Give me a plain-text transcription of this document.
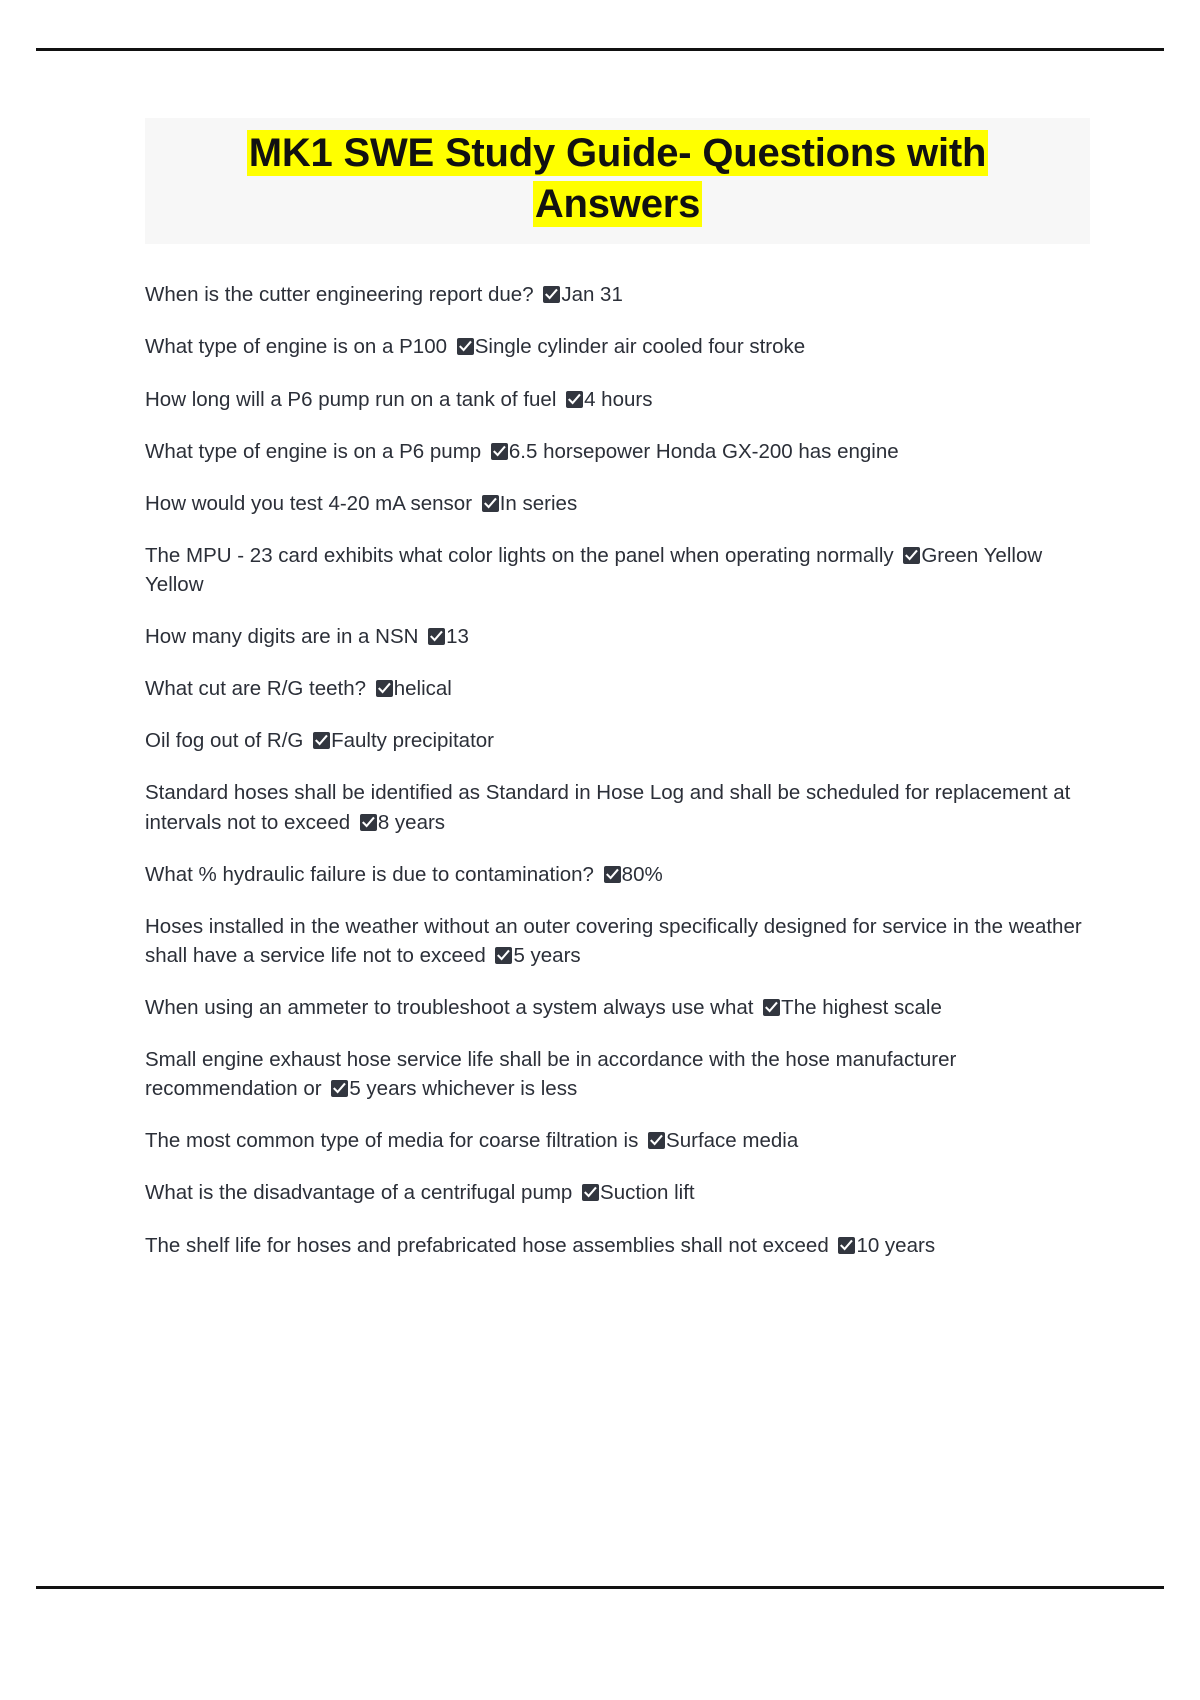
MK1 SWE Study Guide- Questions with
Answers
When is the cutter engineering report due? Jan 31
What type of engine is on a P100 Single cylinder air cooled four stroke
How long will a P6 pump run on a tank of fuel 4 hours
What type of engine is on a P6 pump 6.5 horsepower Honda GX-200 has engine
How would you test 4-20 mA sensor In series
The MPU - 23 card exhibits what color lights on the panel when operating normally Green Yellow Yellow
How many digits are in a NSN 13
What cut are R/G teeth? helical
Oil fog out of R/G Faulty precipitator
Standard hoses shall be identified as Standard in Hose Log and shall be scheduled for replacement at intervals not to exceed 8 years
What % hydraulic failure is due to contamination? 80%
Hoses installed in the weather without an outer covering specifically designed for service in the weather shall have a service life not to exceed 5 years
When using an ammeter to troubleshoot a system always use what The highest scale
Small engine exhaust hose service life shall be in accordance with the hose manufacturer recommendation or 5 years whichever is less
The most common type of media for coarse filtration is Surface media
What is the disadvantage of a centrifugal pump Suction lift
The shelf life for hoses and prefabricated hose assemblies shall not exceed 10 years
